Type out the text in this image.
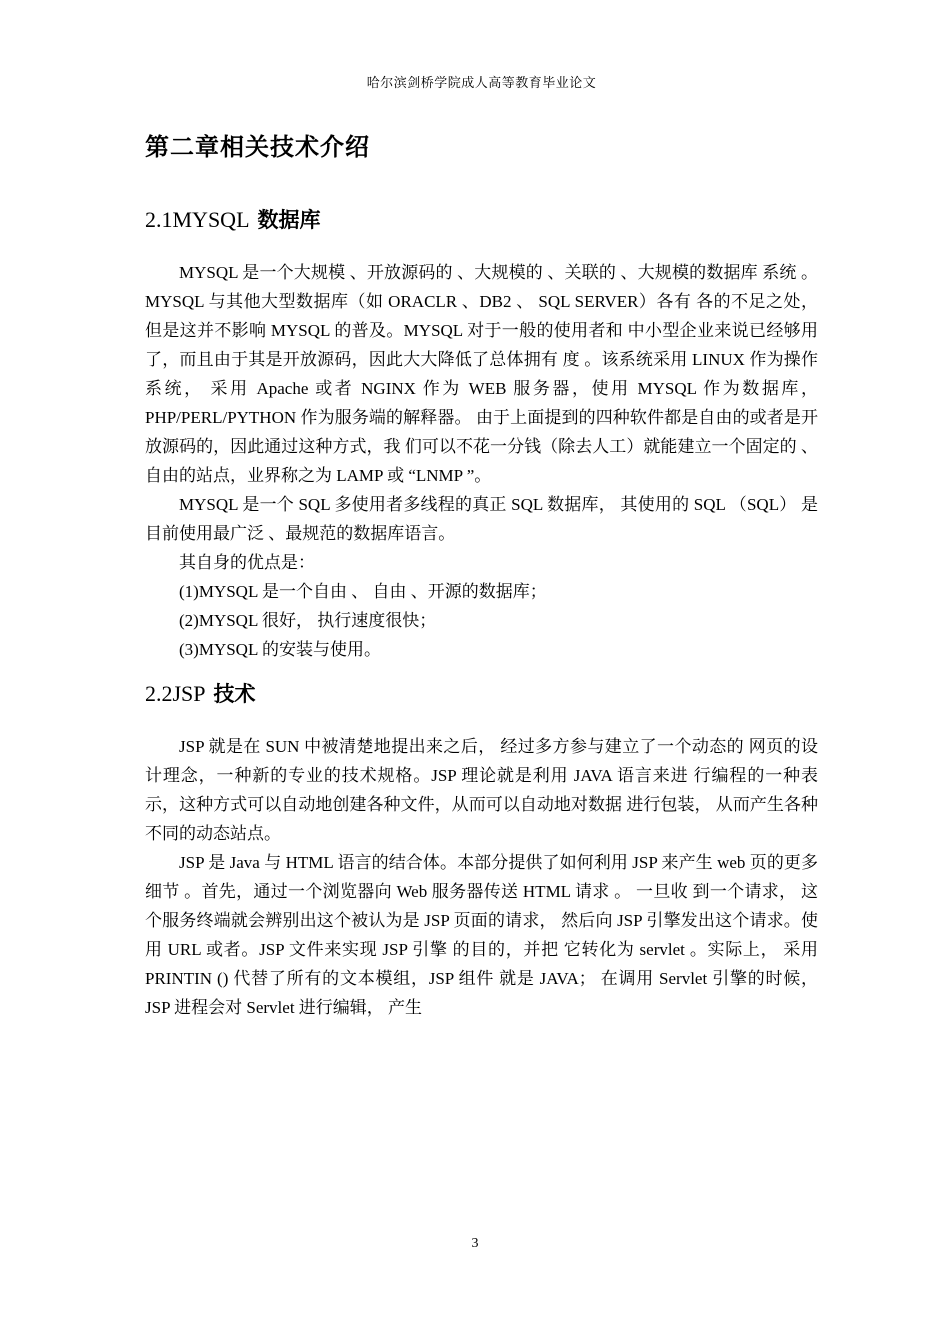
哈尔滨剑桥学院成人高等教育毕业论文
第二章相关技术介绍
2.1MYSQL 数据库

MYSQL 是一个大规模 、开放源码的 、大规模的 、关联的 、大规模的数据库 系统 。MYSQL 与其他大型数据库（如 ORACLR 、DB2 、 SQL SERVER）各有 各的不足之处，但是这并不影响 MYSQL 的普及。MYSQL 对于一般的使用者和 中小型企业来说已经够用了，而且由于其是开放源码，因此大大降低了总体拥有 度 。该系统采用 LINUX 作为操作系统， 采用 Apache 或者 NGINX 作为 WEB 服务器，使用 MYSQL 作为数据库， PHP/PERL/PYTHON 作为服务端的解释器。 由于上面提到的四种软件都是自由的或者是开放源码的，因此通过这种方式，我 们可以不花一分钱（除去人工）就能建立一个固定的 、 自由的站点，业界称之为 LAMP 或 “LNMP ”。

MYSQL 是一个 SQL 多使用者多线程的真正 SQL 数据库， 其使用的 SQL （SQL） 是目前使用最广泛 、最规范的数据库语言。

其自身的优点是：

(1)MYSQL 是一个自由 、 自由 、开源的数据库；

(2)MYSQL 很好， 执行速度很快；

(3)MYSQL 的安装与使用。

2.2JSP 技术

JSP 就是在 SUN 中被清楚地提出来之后， 经过多方参与建立了一个动态的 网页的设计理念，一种新的专业的技术规格。JSP 理论就是利用 JAVA 语言来进 行编程的一种表示，这种方式可以自动地创建各种文件，从而可以自动地对数据 进行包装， 从而产生各种不同的动态站点。

JSP 是 Java 与 HTML 语言的结合体。本部分提供了如何利用 JSP 来产生 web 页的更多细节 。首先，通过一个浏览器向 Web 服务器传送 HTML 请求 。 一旦收 到一个请求， 这个服务终端就会辨别出这个被认为是 JSP 页面的请求， 然后向 JSP 引擎发出这个请求。使用 URL 或者。JSP 文件来实现 JSP 引擎 的目的，并把 它转化为 servlet 。实际上， 采用 PRINTIN () 代替了所有的文本模组，JSP 组件 就是 JAVA； 在调用 Servlet 引擎的时候， JSP 进程会对 Servlet 进行编辑， 产生

3
